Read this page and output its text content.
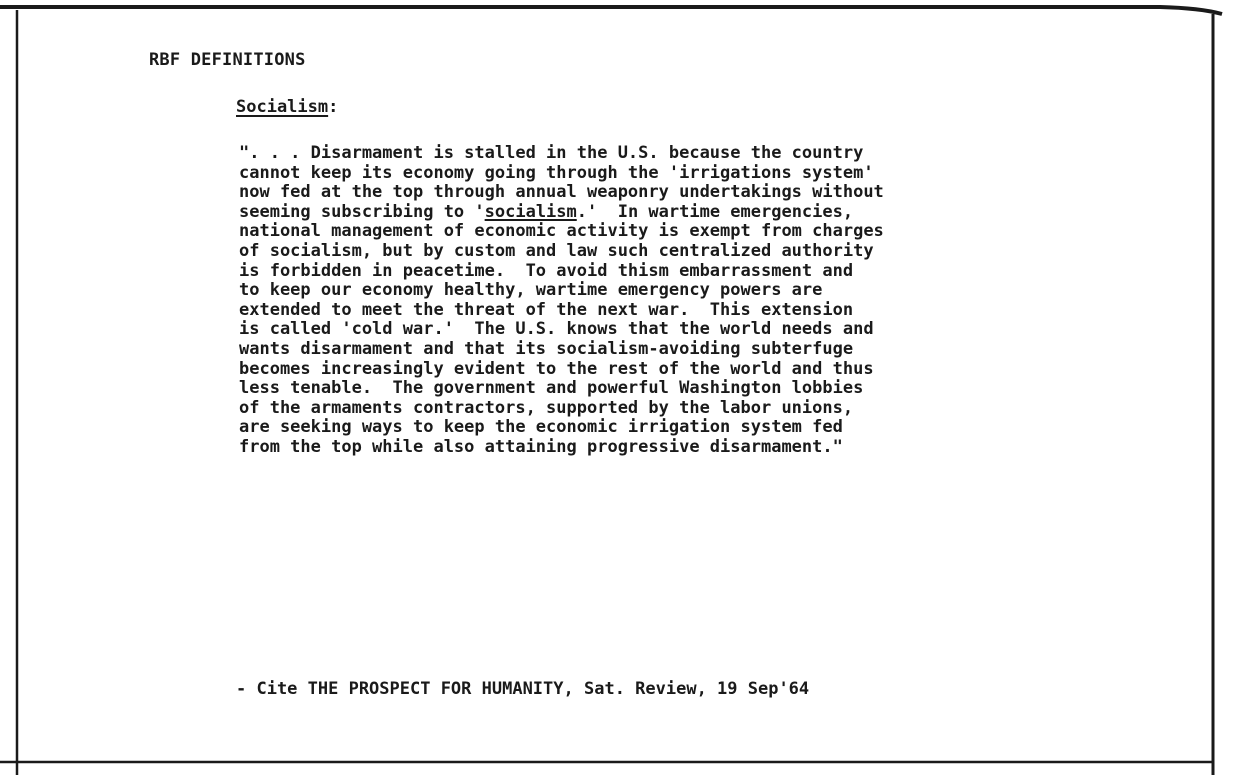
RBF DEFINITIONS
Socialism:
". . . Disarmament is stalled in the U.S. because the country
cannot keep its economy going through the 'irrigations system'
now fed at the top through annual weaponry undertakings without
seeming subscribing to 'socialism.'  In wartime emergencies,
national management of economic activity is exempt from charges
of socialism, but by custom and law such centralized authority
is forbidden in peacetime.  To avoid thism embarrassment and
to keep our economy healthy, wartime emergency powers are
extended to meet the threat of the next war.  This extension
is called 'cold war.'  The U.S. knows that the world needs and
wants disarmament and that its socialism-avoiding subterfuge
becomes increasingly evident to the rest of the world and thus
less tenable.  The government and powerful Washington lobbies
of the armaments contractors, supported by the labor unions,
are seeking ways to keep the economic irrigation system fed
from the top while also attaining progressive disarmament."
- Cite THE PROSPECT FOR HUMANITY, Sat. Review, 19 Sep'64
